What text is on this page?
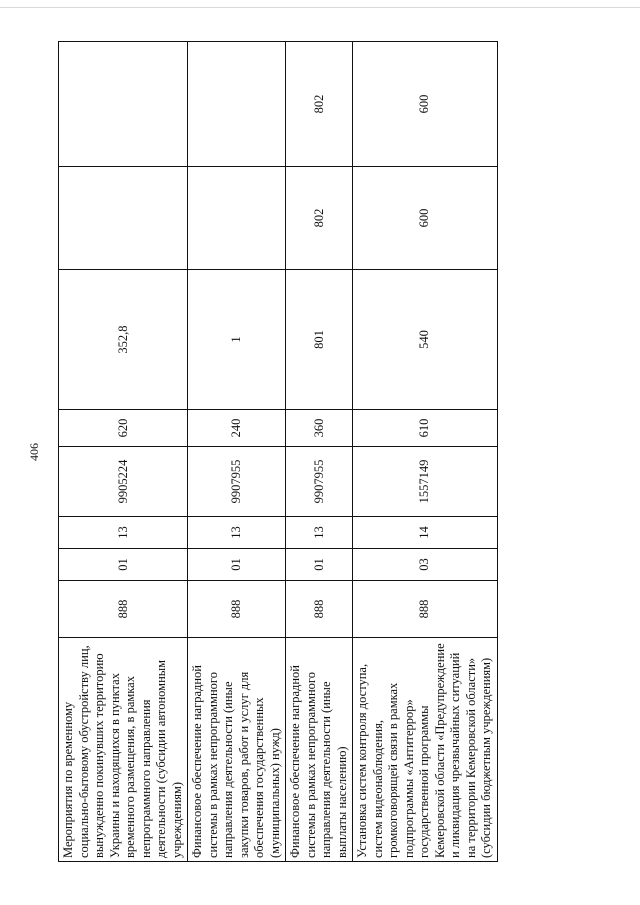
406
Мероприятия по временному социально-бытовому обустройству лиц, вынужденно покинувших территорию Украины и находящихся в пунктах временного размещения, в рамках непрограммного направления деятельности (субсидии автономным учреждениям)	888	01	13	9905224	620	352,8		
Финансовое обеспечение наградной системы в рамках непрограммного направления деятельности (иные закупки товаров, работ и услуг для обеспечения государственных (муниципальных) нужд)	888	01	13	9907955	240	1		
Финансовое обеспечение наградной системы в рамках непрограммного направления деятельности (иные выплаты населению)	888	01	13	9907955	360	801	802	802
Установка систем контроля доступа, систем видеонаблюдения, громкоговорящей связи в рамках подпрограммы «Антитеррор» государственной программы Кемеровской области «Предупреждение и ликвидация чрезвычайных ситуаций на территории Кемеровской области» (субсидии бюджетным учреждениям)	888	03	14	1557149	610	540	600	600
